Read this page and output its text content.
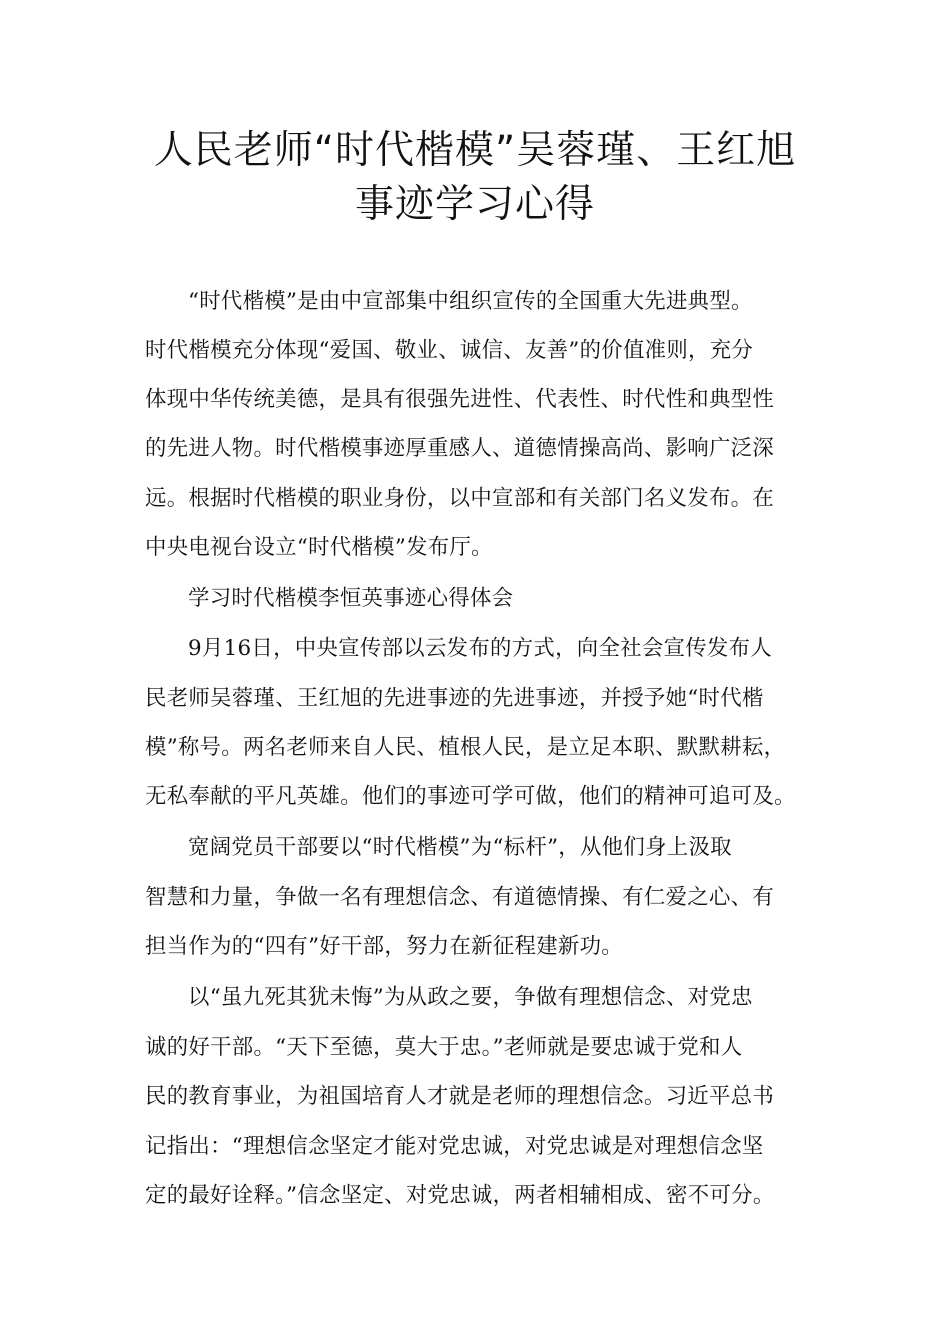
人民老师“时代楷模”吴蓉瑾、王红旭
事迹学习心得
“时代楷模”是由中宣部集中组织宣传的全国重大先进典型。
时代楷模充分体现“爱国、敬业、诚信、友善”的价值准则，充分
体现中华传统美德，是具有很强先进性、代表性、时代性和典型性
的先进人物。时代楷模事迹厚重感人、道德情操高尚、影响广泛深
远。根据时代楷模的职业身份，以中宣部和有关部门名义发布。在
中央电视台设立“时代楷模”发布厅。
学习时代楷模李恒英事迹心得体会
9月16日，中央宣传部以云发布的方式，向全社会宣传发布人
民老师吴蓉瑾、王红旭的先进事迹的先进事迹，并授予她“时代楷
模”称号。两名老师来自人民、植根人民，是立足本职、默默耕耘，
无私奉献的平凡英雄。他们的事迹可学可做，他们的精神可追可及。
宽阔党员干部要以“时代楷模”为“标杆”，从他们身上汲取
智慧和力量，争做一名有理想信念、有道德情操、有仁爱之心、有
担当作为的“四有”好干部，努力在新征程建新功。
以“虽九死其犹未悔”为从政之要，争做有理想信念、对党忠
诚的好干部。“天下至德，莫大于忠。”老师就是要忠诚于党和人
民的教育事业，为祖国培育人才就是老师的理想信念。习近平总书
记指出：“理想信念坚定才能对党忠诚，对党忠诚是对理想信念坚
定的最好诠释。”信念坚定、对党忠诚，两者相辅相成、密不可分。
